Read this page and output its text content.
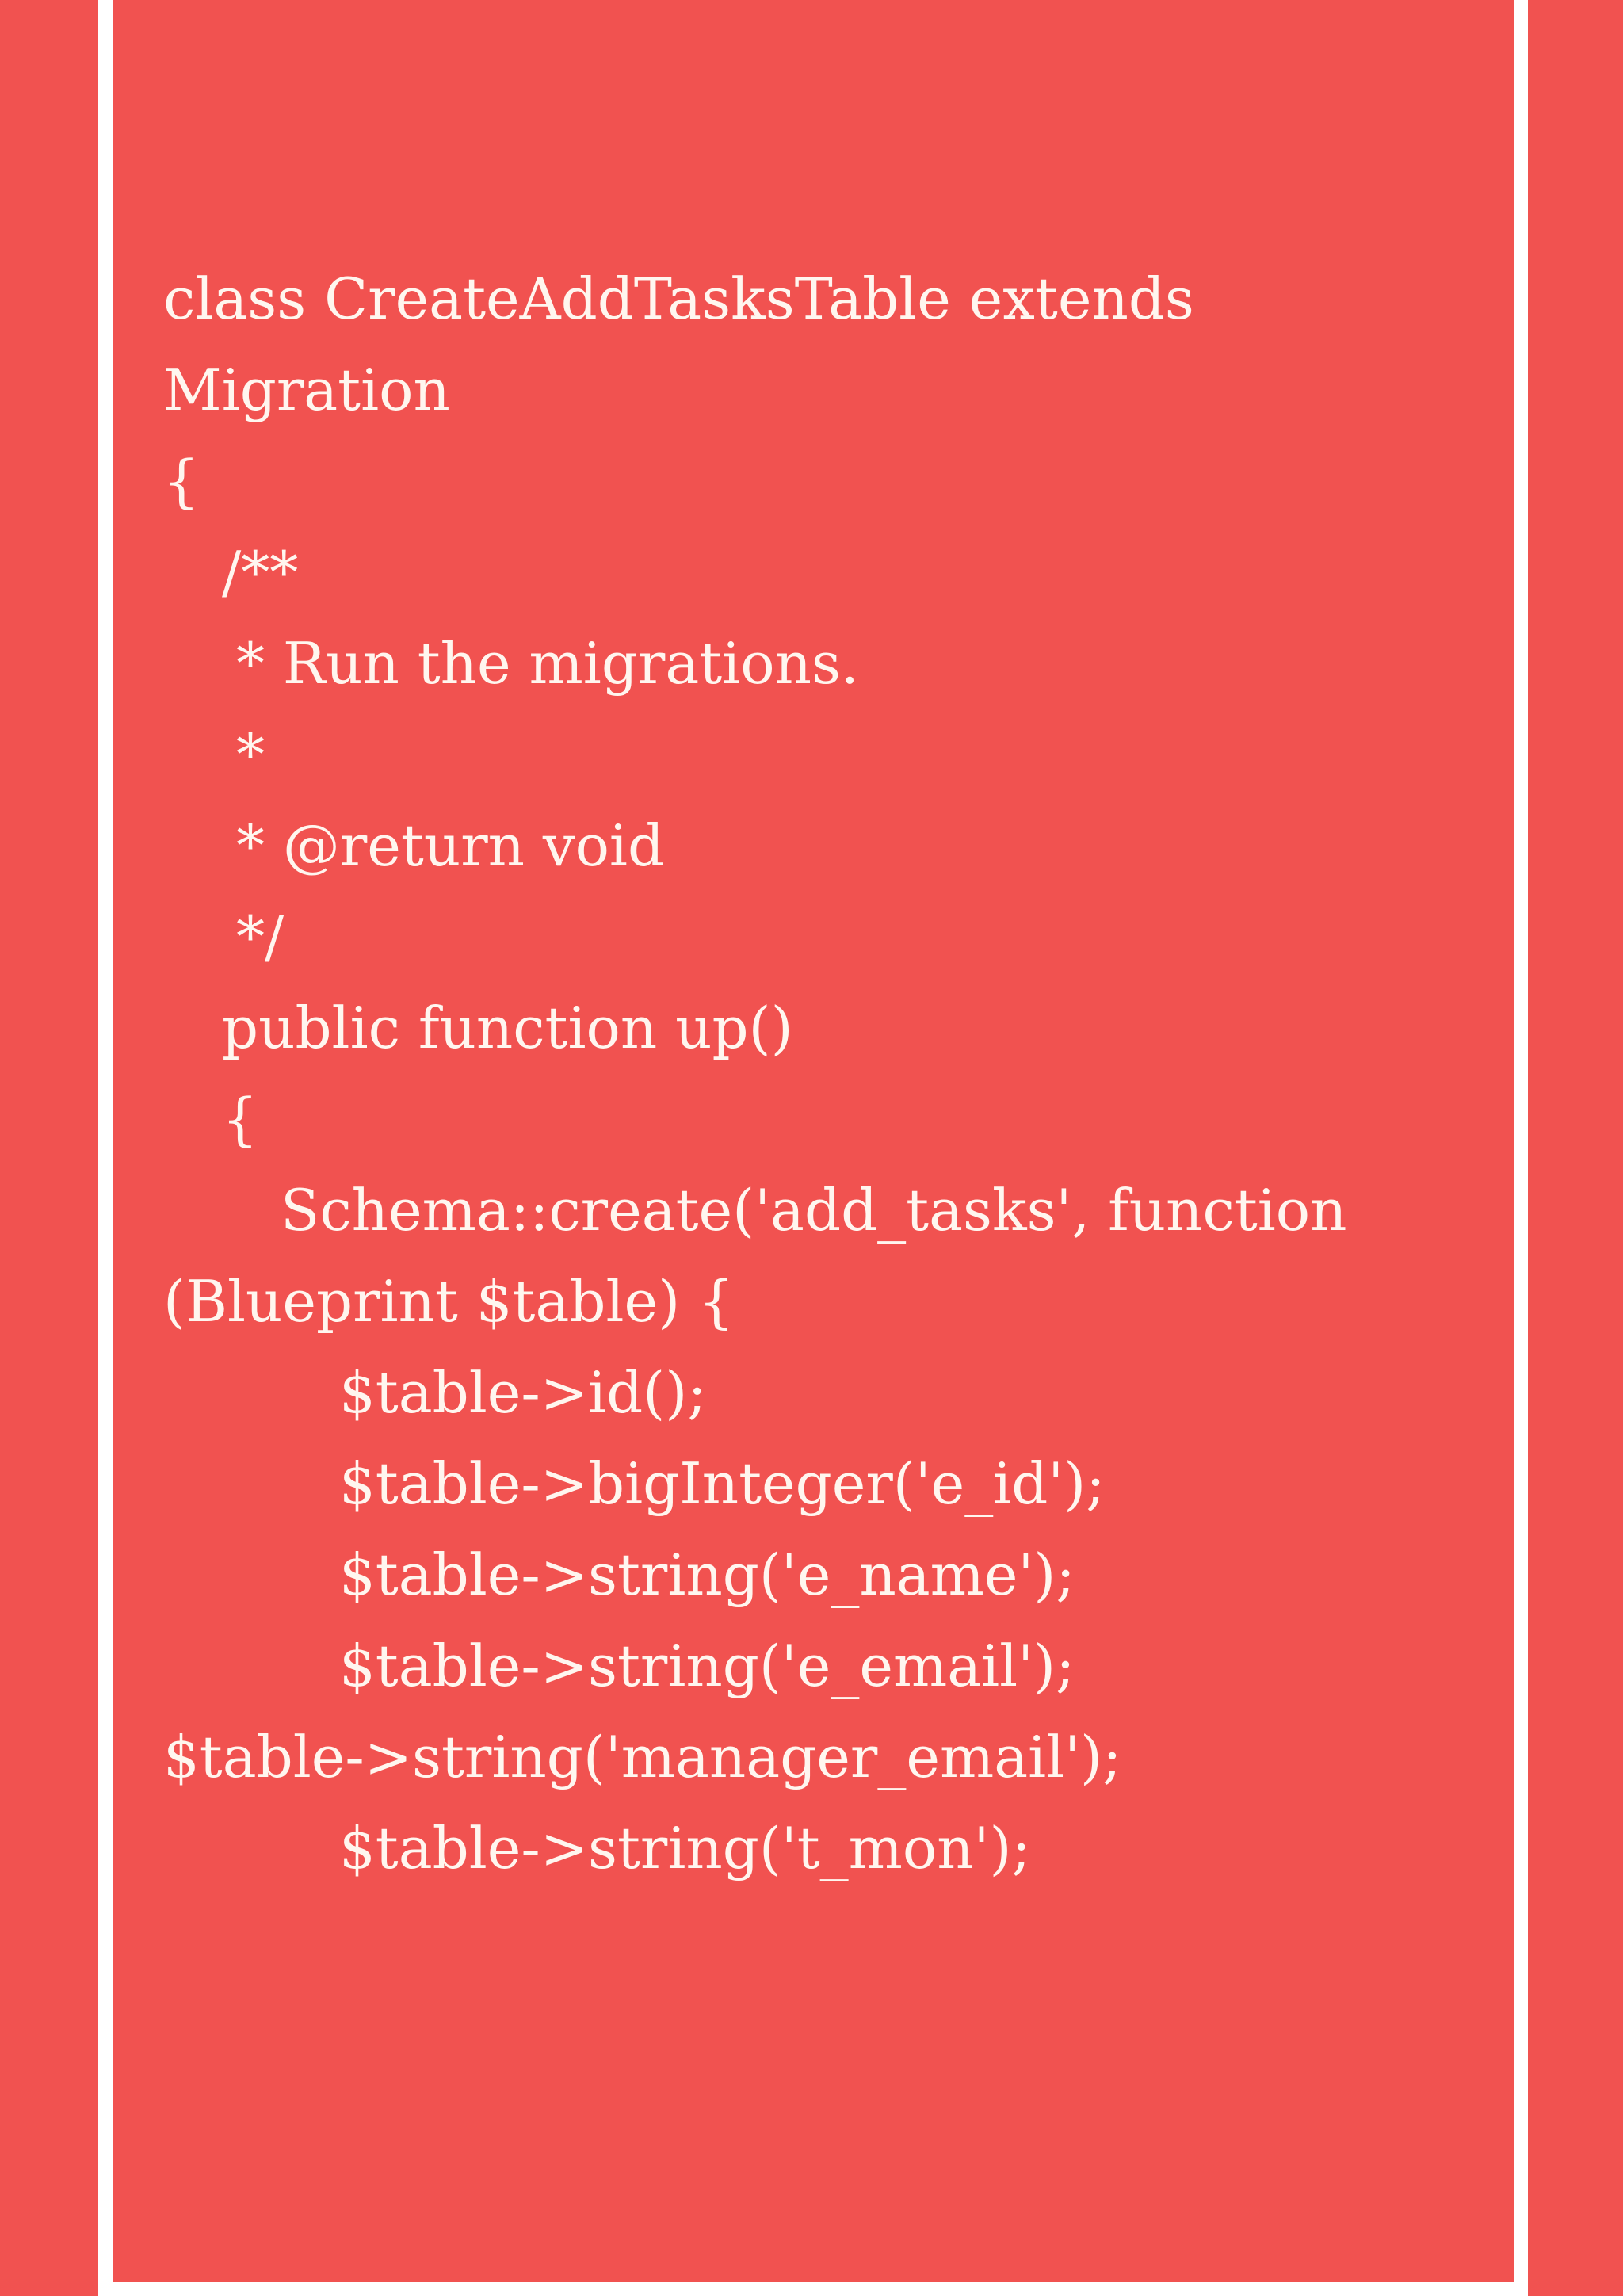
class CreateAddTasksTable extends
Migration
{
/**
* Run the migrations.
*
* @return void
*/
public function up()
{
Schema::create('add_tasks', function
(Blueprint $table) {
$table->id();
$table->bigInteger('e_id');
$table->string('e_name');
$table->string('e_email');
$table->string('manager_email');
$table->string('t_mon');
